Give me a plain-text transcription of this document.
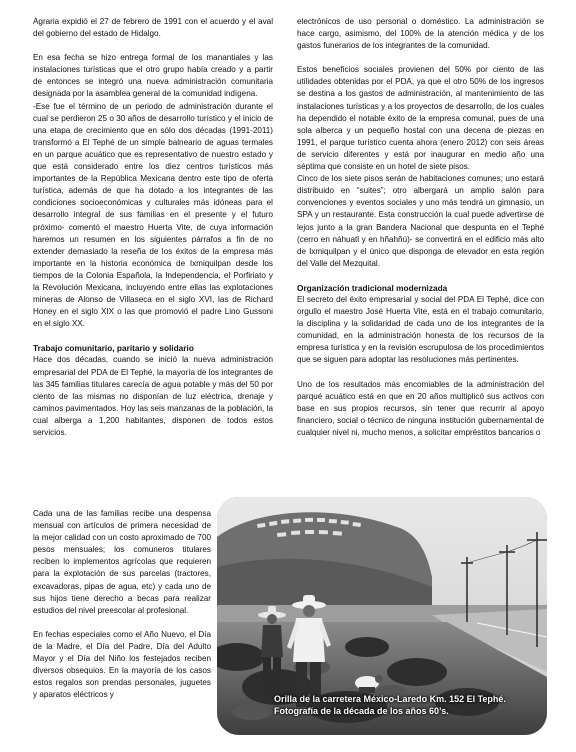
Agraria expidió el 27 de febrero de 1991 con el acuerdo y el aval del gobierno del estado de Hidalgo.

En esa fecha se hizo entrega formal de los manantiales y las instalaciones turísticas que el otro grupo había creado y a partir de entonces se integró una nueva administración comunitaria designada por la asamblea general de la comunidad indígena.

-Ese fue el término de un periodo de administración durante el cual se perdieron 25 o 30 años de desarrollo turístico y el inicio de una etapa de crecimiento que en sólo dos décadas (1991-2011) transformó a El Tephé de un simple balneario de aguas termales en un parque acuático que es representativo de nuestro estado y que está considerado entre los diez centros turísticos más importantes de la República Mexicana dentro este tipo de oferta turística, además de que ha dotado a los integrantes de las condiciones socioeconómicas y culturales más idóneas para el desarrollo integral de sus familias en el presente y el futuro próximo- comentó el maestro Huerta Vite, de cuya información haremos un resumen en los siguientes párrafos a fin de no extender demasiado la reseña de los éxitos de la empresa más importante en la historia económica de Ixmiquilpan desde los tiempos de la Colonia Española, la Independencia, el Porfiriato y la Revolución Mexicana, incluyendo entre ellas las explotaciones mineras de Alonso de Villaseca en el siglo XVI, las de Richard Honey en el siglo XIX o las que promovió el padre Lino Gussoni en el siglo XX.

Trabajo comunitario, paritario y solidario

Hace dos décadas, cuando se inició la nueva administración empresarial del PDA de El Tephé, la mayoría de los integrantes de las 345 familias titulares carecía de agua potable y más del 50 por ciento de las mismas no disponían de luz eléctrica, drenaje y caminos pavimentados. Hoy las seis manzanas de la población, la cual alberga a 1,200 habitantes, disponen de todos estos servicios.

Cada una de las familias recibe una despensa mensual con artículos de primera necesidad de la mejor calidad con un costo aproximado de 700 pesos mensuales; los comuneros titulares reciben lo implementos agrícolas que requieren para la explotación de sus parcelas (tractores, excavadoras, pipas de agua, etc) y cada uno de sus hijos tiene derecho a becas para realizar estudios del nivel preescolar al profesional.

En fechas especiales como el Año Nuevo, el Día de la Madre, el Día del Padre, Día del Adulto Mayor y el Día del Niño los festejados reciben diversos obsequios. En la mayoría de los casos estos regalos son prendas personales, juguetes y aparatos eléctricos y

electrónicos de uso personal o doméstico. La administración se hace cargo, asimismo, del 100% de la atención médica y de los gastos funerarios de los integrantes de la comunidad.

Estos beneficios sociales provienen del 50% por ciento de las utilidades obtenidas por el PDA, ya que el otro 50% de los ingresos se destina a los gastos de administración, al mantenimiento de las instalaciones turísticas y a los proyectos de desarrollo, de los cuales ha dependido el notable éxito de la empresa comunal, pues de una sola alberca y un pequeño hostal con una decena de piezas en 1991, el parque turístico cuenta ahora (enero 2012) con seis áreas de servicio diferentes y está por inaugurar en medio año una séptima que consiste en un hotel de siete pisos.

Cinco de los siete pisos serán de habitaciones comunes; uno estará distribuido en “suites”; otro albergará un amplio salón para convenciones y eventos sociales y uno más tendrá un gimnasio, un SPA y un restaurante. Esta construcción la cual puede advertirse de lejos junto a la gran Bandera Nacional que despunta en el Tephé (cerro en náhuatl y en hñahñú)- se convertirá en el edificio más alto de Ixmiquilpan y el único que disponga de elevador en esta región del Valle del Mezquital.

Organización tradicional modernizada

El secreto del éxito empresarial y social del PDA El Tephé, dice con orgullo el maestro José Huerta Vite, está en el trabajo comunitario, la disciplina y la solidaridad de cada uno de los integrantes de la comunidad, en la administración honesta de los recursos de la empresa turística y en la revisión escrupulosa de los procedimientos que se siguen para adoptar las resoluciones más pertinentes.

Uno de los resultados más encomiables de la administración del parqué acuático está en que en 20 años multiplicó sus activos con base en sus propios recursos, sin tener que recurrir al apoyo financiero, social o técnico de ninguna institución gubernamental de cualquier nivel ni, mucho menos, a solicitar empréstitos bancarios o

Orilla de la carretera México-Laredo Km. 152 El Tephé.
Fotografía de la década de los años 60’s.
